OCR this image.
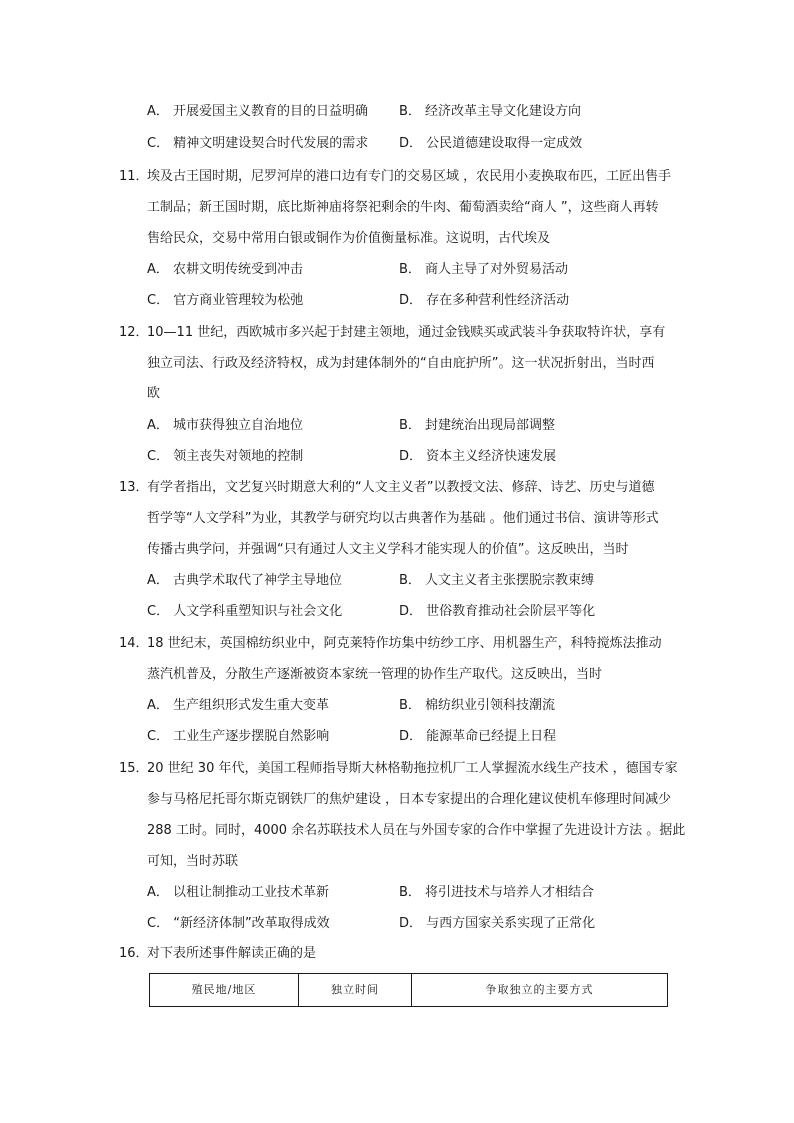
A． 开展爱国主义教育的目的日益明确 B． 经济改革主导文化建设方向
C． 精神文明建设契合时代发展的需求 D． 公民道德建设取得一定成效
11．
埃及古王国时期，尼罗河岸的港口边有专门的交易区域 ，农民用小麦换取布匹，工匠出售手
工制品；新王国时期，底比斯神庙将祭祀剩余的牛肉、葡萄酒卖给“商人 ”，这些商人再转
售给民众，交易中常用白银或铜作为价值衡量标准。这说明，古代埃及
A． 农耕文明传统受到冲击	B． 商人主导了对外贸易活动
C． 官方商业管理较为松弛	D． 存在多种营利性经济活动
12．
10—11 世纪，西欧城市多兴起于封建主领地，通过金钱赎买或武装斗争获取特许状，享有
独立司法、行政及经济特权，成为封建体制外的“自由庇护所”。这一状况折射出，当时西
欧
A． 城市获得独立自治地位	B． 封建统治出现局部调整
C． 领主丧失对领地的控制	D． 资本主义经济快速发展
13．
有学者指出，文艺复兴时期意大利的“人文主义者”以教授文法、修辞、诗艺、历史与道德
哲学等“人文学科”为业，其教学与研究均以古典著作为基础 。他们通过书信、演讲等形式
传播古典学问，并强调“只有通过人文主义学科才能实现人的价值”。这反映出，当时
A． 古典学术取代了神学主导地位	B． 人文主义者主张摆脱宗教束缚
C． 人文学科重塑知识与社会文化	D． 世俗教育推动社会阶层平等化
14．
18 世纪末，英国棉纺织业中，阿克莱特作坊集中纺纱工序、用机器生产，科特搅炼法推动
蒸汽机普及，分散生产逐渐被资本家统一管理的协作生产取代。这反映出，当时
A． 生产组织形式发生重大变革	B． 棉纺织业引领科技潮流
C． 工业生产逐步摆脱自然影响	D． 能源革命已经提上日程
15．
20 世纪 30 年代，美国工程师指导斯大林格勒拖拉机厂工人掌握流水线生产技术 ，德国专家
参与马格尼托哥尔斯克钢铁厂的焦炉建设 ，日本专家提出的合理化建议使机车修理时间减少
288 工时。同时，4000 余名苏联技术人员在与外国专家的合作中掌握了先进设计方法 。据此
可知，当时苏联
A． 以租让制推动工业技术革新	B． 将引进技术与培养人才相结合
C． “新经济体制”改革取得成效	D． 与西方国家关系实现了正常化
16．
对下表所述事件解读正确的是
殖民地/地区	独立时间	争取独立的主要方式
